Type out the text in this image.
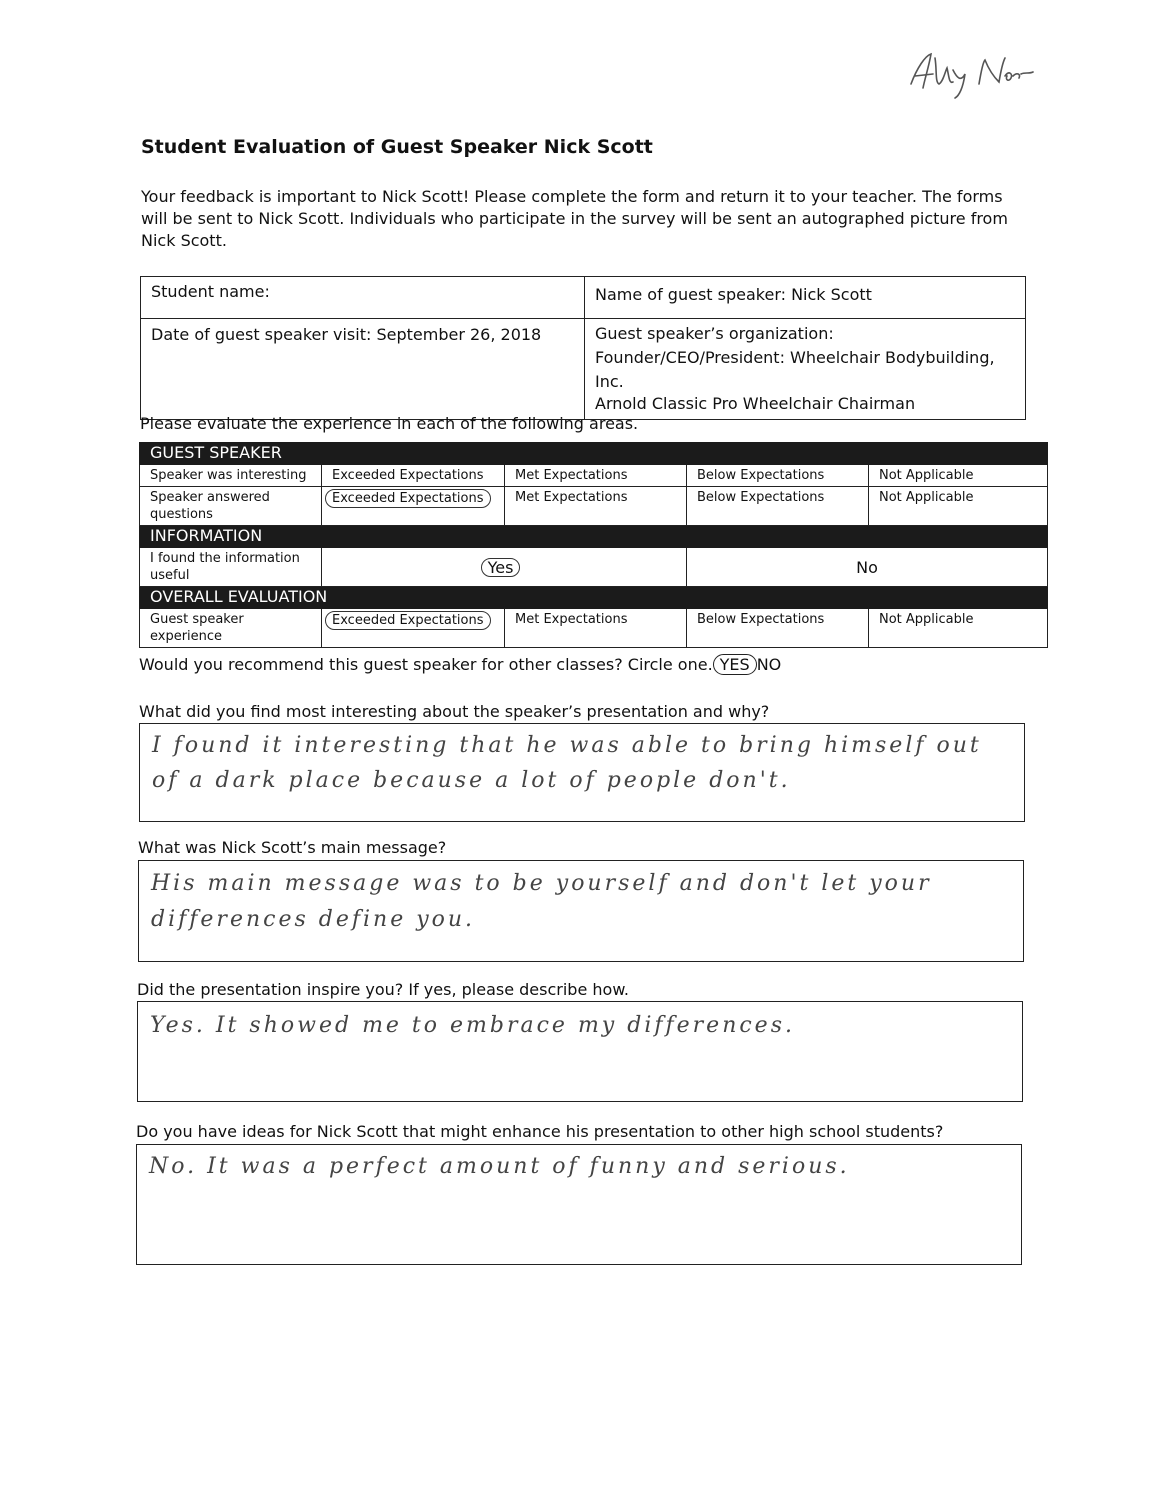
Student Evaluation of Guest Speaker Nick Scott

Your feedback is important to Nick Scott! Please complete the form and return it to your teacher. The forms will be sent to Nick Scott. Individuals who participate in the survey will be sent an autographed picture from Nick Scott.

Student name:	Name of guest speaker: Nick Scott
Date of guest speaker visit: September 26, 2018	Guest speaker’s organization:
Founder/CEO/President: Wheelchair Bodybuilding, Inc.
Arnold Classic Pro Wheelchair Chairman

Please evaluate the experience in each of the following areas.

GUEST SPEAKER				
Speaker was interesting	Exceeded Expectations	Met Expectations	Below Expectations	Not Applicable
Speaker answered questions	Exceeded Expectations	Met Expectations	Below Expectations	Not Applicable
INFORMATION				
I found the information useful	Yes		No	
OVERALL EVALUATION				
Guest speaker experience	Exceeded Expectations	Met Expectations	Below Expectations	Not Applicable

Would you recommend this guest speaker for other classes? Circle one. YES NO

What did you find most interesting about the speaker’s presentation and why?

I found it interesting that he was able to bring himself out
of a dark place because a lot of people don't.

What was Nick Scott’s main message?

His main message was to be yourself and don't let your
differences define you.

Did the presentation inspire you? If yes, please describe how.

Yes. It showed me to embrace my differences.

Do you have ideas for Nick Scott that might enhance his presentation to other high school students?

No. It was a perfect amount of funny and serious.
